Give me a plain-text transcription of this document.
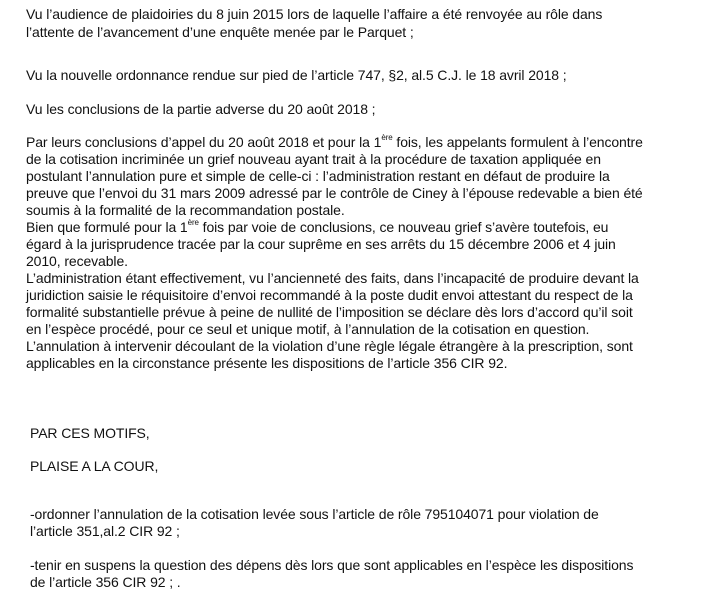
Vu l’audience de plaidoiries du 8 juin 2015 lors de laquelle l’affaire a été renvoyée au rôle dans
l’attente de l’avancement d’une enquête menée par le Parquet ;
Vu la nouvelle ordonnance rendue sur pied de l’article 747, §2, al.5 C.J. le 18 avril 2018 ;
Vu les conclusions de la partie adverse du 20 août 2018 ;
Par leurs conclusions d’appel du 20 août 2018 et pour la 1ère fois, les appelants formulent à l’encontre
de la cotisation incriminée un grief nouveau ayant trait à la procédure de taxation appliquée en
postulant l’annulation pure et simple de celle-ci : l’administration restant en défaut de produire la
preuve que l’envoi du 31 mars 2009 adressé par le contrôle de Ciney à l’épouse redevable a bien été
soumis à la formalité de la recommandation postale.
Bien que formulé pour la 1ère fois par voie de conclusions, ce nouveau grief s’avère toutefois, eu
égard à la jurisprudence tracée par la cour suprême en ses arrêts du 15 décembre 2006 et 4 juin
2010, recevable.
L’administration étant effectivement, vu l’ancienneté des faits, dans l’incapacité de produire devant la
juridiction saisie le réquisitoire d’envoi recommandé à la poste dudit envoi attestant du respect de la
formalité substantielle prévue à peine de nullité de l’imposition se déclare dès lors d’accord qu’il soit
en l’espèce procédé, pour ce seul et unique motif, à l’annulation de la cotisation en question.
L’annulation à intervenir découlant de la violation d’une règle légale étrangère à la prescription, sont
applicables en la circonstance présente les dispositions de l’article 356 CIR 92.
PAR CES MOTIFS,
PLAISE A LA COUR,
-ordonner l’annulation de la cotisation levée sous l’article de rôle 795104071 pour violation de
l’article 351,al.2 CIR 92 ;
-tenir en suspens la question des dépens dès lors que sont applicables en l’espèce les dispositions
de l’article 356 CIR 92 ; .
